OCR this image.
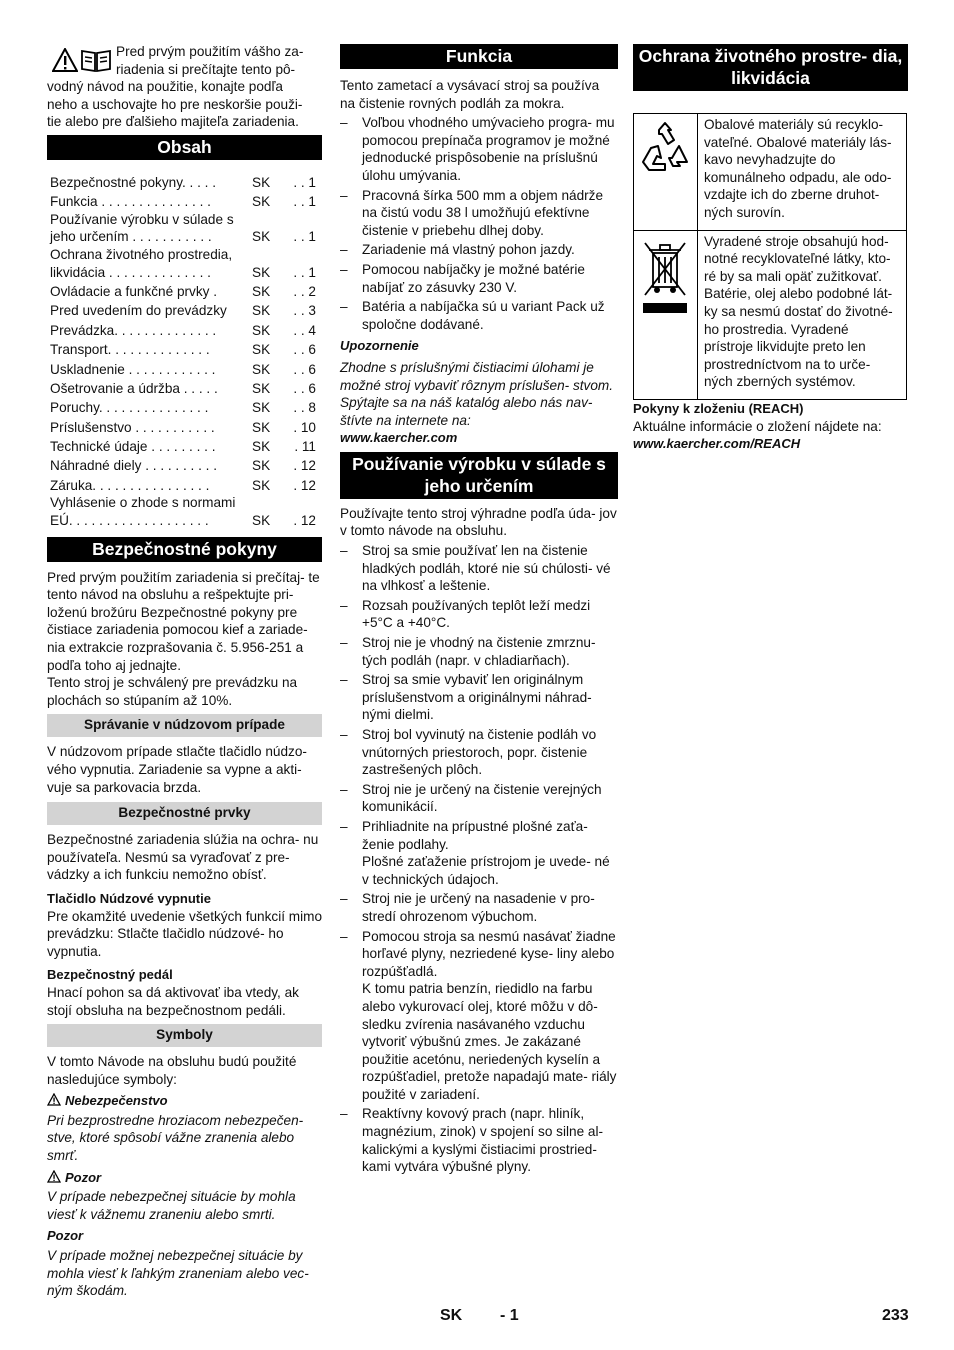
Pred prvým použitím vášho za-
riadenia si prečítajte tento pô-
vodný návod na použitie, konajte podľa
neho a uschovajte ho pre neskoršie použi-
tie alebo pre ďalšieho majiteľa zariadenia.
Obsah
Bezpečnostné pokyny. . . . .	SK	. . 1

Funkcia . . . . . . . . . . . . . . .	SK	. . 1

Používanie výrobku v súlade s
jeho určením . . . . . . . . . . .	SK	. . 1

Ochrana životného prostredia,
likvidácia . . . . . . . . . . . . . .	SK	. . 1

Ovládacie a funkčné prvky .	SK	. . 2

Pred uvedením do prevádzky	SK	. . 3

Prevádzka. . . . . . . . . . . . . .	SK	. . 4

Transport. . . . . . . . . . . . . .	SK	. . 6

Uskladnenie . . . . . . . . . . . .	SK	. . 6

Ošetrovanie a údržba . . . . .	SK	. . 6

Poruchy. . . . . . . . . . . . . . .	SK	. . 8

Príslušenstvo . . . . . . . . . . .	SK	. 10

Technické údaje . . . . . . . . .	SK	. 11

Náhradné diely . . . . . . . . . .	SK	. 12

Záruka. . . . . . . . . . . . . . . .	SK	. 12

Vyhlásenie o zhode s normami
EÚ. . . . . . . . . . . . . . . . . . .	SK	. 12
Bezpečnostné pokyny

Pred prvým použitím zariadenia si prečítaj- te tento návod na obsluhu a rešpektujte pri- loženú brožúru Bezpečnostné pokyny pre čistiace zariadenia pomocou kief a zariade- nia extrakcie rozprašovania č. 5.956-251 a podľa toho aj jednajte.

Tento stroj je schválený pre prevádzku na plochách so stúpaním až 10%.

Správanie v núdzovom prípade

V núdzovom prípade stlačte tlačidlo núdzo- vého vypnutia. Zariadenie sa vypne a akti- vuje sa parkovacia brzda.

Bezpečnostné prvky

Bezpečnostné zariadenia slúžia na ochra- nu používateľa. Nesmú sa vyraďovať z pre- vádzky a ich funkciu nemožno obísť.

Tlačidlo Núdzové vypnutie

Pre okamžité uvedenie všetkých funkcií mimo prevádzku: Stlačte tlačidlo núdzové- ho vypnutia.

Bezpečnostný pedál

Hnací pohon sa dá aktivovať iba vtedy, ak stojí obsluha na bezpečnostnom pedáli.

Symboly

V tomto Návode na obsluhu budú použité nasledujúce symboly:

Nebezpečenstvo

Pri bezprostredne hroziacom nebezpečen- stve, ktoré spôsobí vážne zranenia alebo smrť.

Pozor

V prípade nebezpečnej situácie by mohla viesť k vážnemu zraneniu alebo smrti.

Pozor

V prípade možnej nebezpečnej situácie by mohla viesť k ľahkým zraneniam alebo vec- ným škodám.

Funkcia

Tento zametací a vysávací stroj sa používa na čistenie rovných podláh za mokra.

– Voľbou vhodného umývacieho progra- mu pomocou prepínača programov je možné jednoducké prispôsobenie na príslušnú úlohu umývania.
– Pracovná šírka 500 mm a objem nádrže na čistú vodu 38 l umožňujú efektívne čistenie v priebehu dlhej doby.
– Zariadenie má vlastný pohon jazdy.
– Pomocou nabíjačky je možné batérie nabíjať zo zásuvky 230 V.
– Batéria a nabíjačka sú u variant Pack už spoločne dodávané.

Upozornenie

Zhodne s príslušnými čistiacimi úlohami je možné stroj vybaviť rôznym príslušen- stvom.

Spýtajte sa na náš katalóg alebo nás nav- štívte na internete na:

www.kaercher.com

Používanie výrobku v súlade s jeho určením

Používajte tento stroj výhradne podľa úda- jov v tomto návode na obsluhu.

– Stroj sa smie používať len na čistenie hladkých podláh, ktoré nie sú chúlosti- vé na vlhkosť a leštenie.
– Rozsah používaných teplôt leží medzi +5°C a +40°C.
– Stroj nie je vhodný na čistenie zmrznu- tých podláh (napr. v chladiarňach).
– Stroj sa smie vybaviť len originálnym príslušenstvom a originálnymi náhrad- nými dielmi.
– Stroj bol vyvinutý na čistenie podláh vo vnútorných priestoroch, popr. čistenie zastrešených plôch.
– Stroj nie je určený na čistenie verejných komunikácií.
– Prihliadnite na prípustné plošné zaťa- ženie podlahy.
Plošné zaťaženie prístrojom je uvede- né v technických údajoch.
– Stroj nie je určený na nasadenie v pro- stredí ohrozenom výbuchom.
– Pomocou stroja sa nesmú nasávať žiadne horľavé plyny, nezriedené kyse- liny alebo rozpúšťadlá.
K tomu patria benzín, riedidlo na farbu alebo vykurovací olej, ktoré môžu v dô- sledku zvírenia nasávaného vzduchu vytvoriť výbušnú zmes. Je zakázané použitie acetónu, neriedených kyselín a rozpúšťadiel, pretože napadajú mate- riály použité v zariadení.
– Reaktívny kovový prach (napr. hliník, magnézium, zinok) v spojení so silne al- kalickými a kyslými čistiacimi prostried- kami vytvára výbušné plyny.
Ochrana životného prostre- dia, likvidácia
	Obalové materiály sú recyklo- vateľné. Obalové materiály lás- kavo nevyhadzujte do komunálneho odpadu, ale odo- vzdajte ich do zberne druhot- ných surovín.

	Vyradené stroje obsahujú hod- notné recyklovateľné látky, kto- ré by sa mali opäť zužitkovať. Batérie, olej alebo podobné lát- ky sa nesmú dostať do životné- ho prostredia. Vyradené prístroje likvidujte preto len prostredníctvom na to urče- ných zberných systémov.

Pokyny k zloženiu (REACH)

Aktuálne informácie o zložení nájdete na:

www.kaercher.com/REACH

SK - 1	233
